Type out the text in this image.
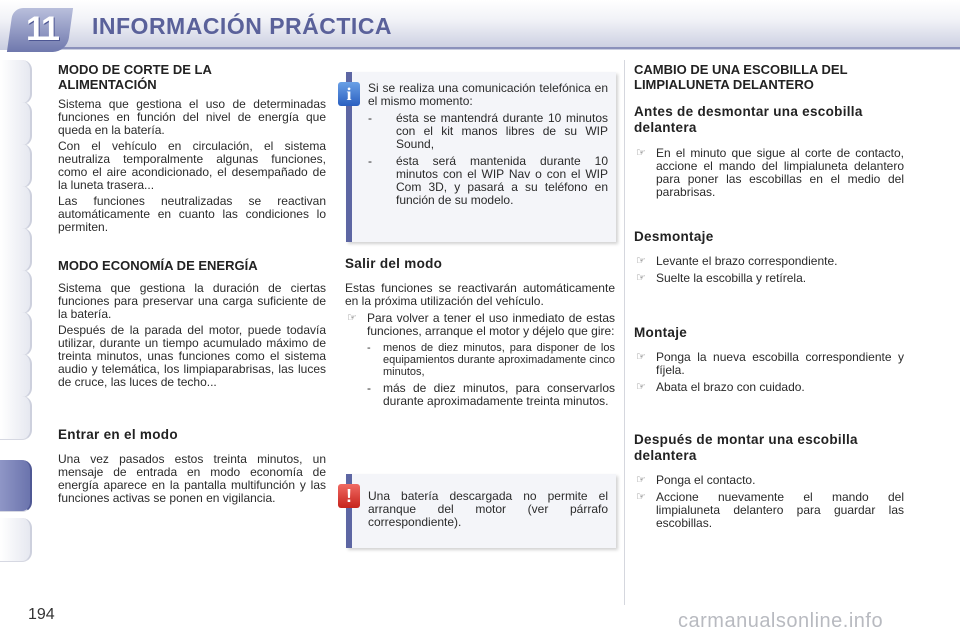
11	INFORMACIÓN PRÁCTICA
MODO DE CORTE DE LA
ALIMENTACIÓN

Sistema que gestiona el uso de determinadas funciones en función del nivel de energía que queda en la batería.

Con el vehículo en circulación, el sistema neutraliza temporalmente algunas funciones, como el aire acondicionado, el desempañado de la luneta trasera...

Las funciones neutralizadas se reactivan automáticamente en cuanto las condiciones lo permiten.

MODO ECONOMÍA DE ENERGÍA

Sistema que gestiona la duración de ciertas funciones para preservar una carga suficiente de la batería.

Después de la parada del motor, puede todavía utilizar, durante un tiempo acumulado máximo de treinta minutos, unas funciones como el sistema audio y telemática, los limpiaparabrisas, las luces de cruce, las luces de techo...

Entrar en el modo

Una vez pasados estos treinta minutos, un mensaje de entrada en modo economía de energía aparece en la pantalla multifunción y las funciones activas se ponen en vigilancia.

i	Si se realiza una comunicación telefónica en el mismo momento:

- ésta se mantendrá durante 10 minutos con el kit manos libres de su WIP Sound,
- ésta será mantenida durante 10 minutos con el WIP Nav o con el WIP Com 3D, y pasará a su teléfono en función de su modelo.
Salir del modo

Estas funciones se reactivarán automáticamente en la próxima utilización del vehículo.

☞ Para volver a tener el uso inmediato de estas funciones, arranque el motor y déjelo que gire:
- menos de diez minutos, para disponer de los equipamientos durante aproximadamente cinco minutos,
- más de diez minutos, para conservarlos durante aproximadamente treinta minutos.
!	Una batería descargada no permite el arranque del motor (ver párrafo correspondiente).

CAMBIO DE UNA ESCOBILLA DEL
LIMPIALUNETA DELANTERO
Antes de desmontar una escobilla delantera
☞ En el minuto que sigue al corte de contacto, accione el mando del limpialuneta delantero para poner las escobillas en el medio del parabrisas.
Desmontaje
☞ Levante el brazo correspondiente.
☞ Suelte la escobilla y retírela.
Montaje
☞ Ponga la nueva escobilla correspondiente y fíjela.
☞ Abata el brazo con cuidado.
Después de montar una escobilla delantera
☞ Ponga el contacto.
☞ Accione nuevamente el mando del limpialuneta delantero para guardar las escobillas.
194	carmanualsonline.info
